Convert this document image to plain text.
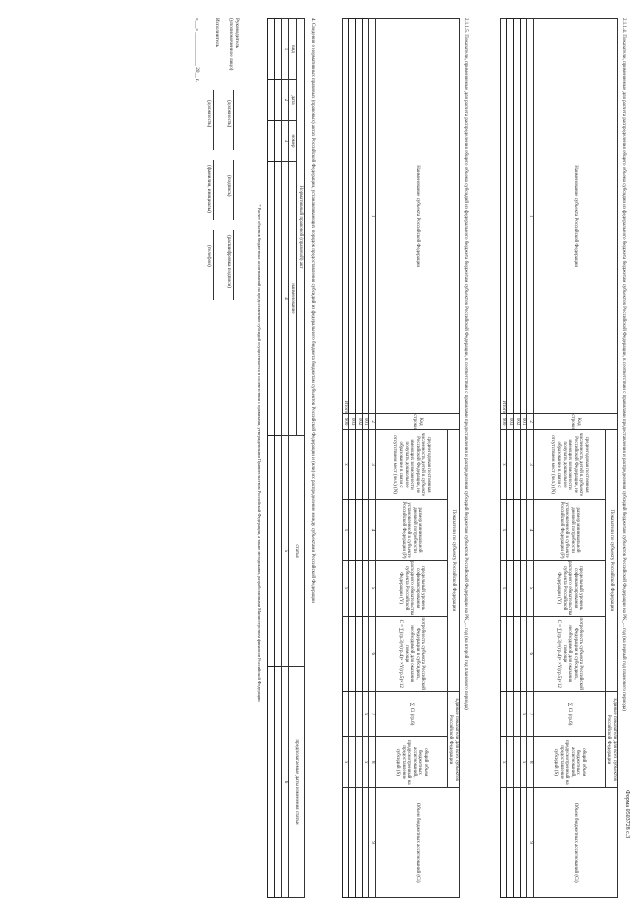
Форма 0503728 с.3
2.1.1.4. Показатели, применяемые для расчета распределения общего объема субсидии из федерального бюджета бюджетам субъектов Российской Федерации, в соответствии с правилами предоставления и распределения субсидий бюджетам субъектов Российской Федерации на PK_... год (на первый год планового периода)
Наименование субъекта Российской Федерации	Код строки	Показатели по субъекту Российской Федерации				Единые показатели для всех субъектов Российской Федерации		Объем бюджетных ассигнований (Ci)
		среднегодовая постоянная численность детей в субъекте Российской Федерации, не имеющих возможности получать дошкольное образование в связи с отсутствием мест (чел.) (N)	размер минимальной дневной потребности установленной в субъекте Российской Федерации (Р)	предельный уровень софинансирования расходного обязательства субъекта Российской Федерации (Y)	потребность субъекта Российской Федерации в субсидиях, необходимой для оказания помощи
C = ∑(гр.3)×(гр.4)× ×Y(гр.5)×12	∑ Ci (гр.6)	общий объем бюджетных ассигнований, предусмотренный на предоставление субсидий (S)	
1	2	3	4	5	6	7	8	9
	001					x	x	
	002							
	003							
Итого	900	x	x	x			x	
2.1.1.5. Показатели, применяемые для расчета распределения общего объема субсидий из федерального бюджета бюджетам субъектов Российской Федерации, в соответствии с правилами предоставления и распределения субсидий бюджетам субъектов Российской Федерации на PK_... год (на второй год планового периода)
Наименование субъекта Российской Федерации	Код строки	Показатели по субъекту Российской Федерации				Единые показатели для всех субъектов Российской Федерации		Объем бюджетных ассигнований (Ci)
		среднегодовая постоянная численность детей в субъекте Российской Федерации, не имеющих возможности получать дошкольное образование в связи с отсутствием мест (чел.) (N)	размер минимальной дневной потребности установленной в субъекте Российской Федерации (Р)	предельный уровень софинансирования расходного обязательства субъекта Российской Федерации (Y)	потребность субъекта Российской Федерации в субсидиях, необходимой для оказания помощи
C = ∑(гр.3)×(гр.4)× ×Y(гр.5)×12	∑ Ci (гр.6)	общий объем бюджетных ассигнований, предусмотренный на предоставление субсидий (S)	
1	2	3	4	5	6	7	8	9
	001					x	x	
	002							
	003							
Итого	900	x	x	x			x	
4. Сведения о нормативных правовых (правовых) актах Российской Федерации, устанавливающих порядок предоставления субсидий из федерального бюджета бюджетам субъектов Российской Федерации и (или) их распределение между субъектами Российской Федерации
Нормативный правовой (правовой) акт				статья	предполагаемые даты изменения статьи
вид	дата	номер	наименование		
1	2	3	4	5	6

* Расчет объемов бюджетных ассигнований на предоставление субсидий осуществляется в соответствии с правилами, утвержденными Правительством Российской Федерации, а также методиками, разработанными Министерством финансов Российской Федерации
Руководитель
(уполномоченное лицо)
(должность)
(подпись)
(расшифровка подписи)
Исполнитель
(должность)
(фамилия, инициалы)
(телефон)
«___» _____________ 20__ г.
